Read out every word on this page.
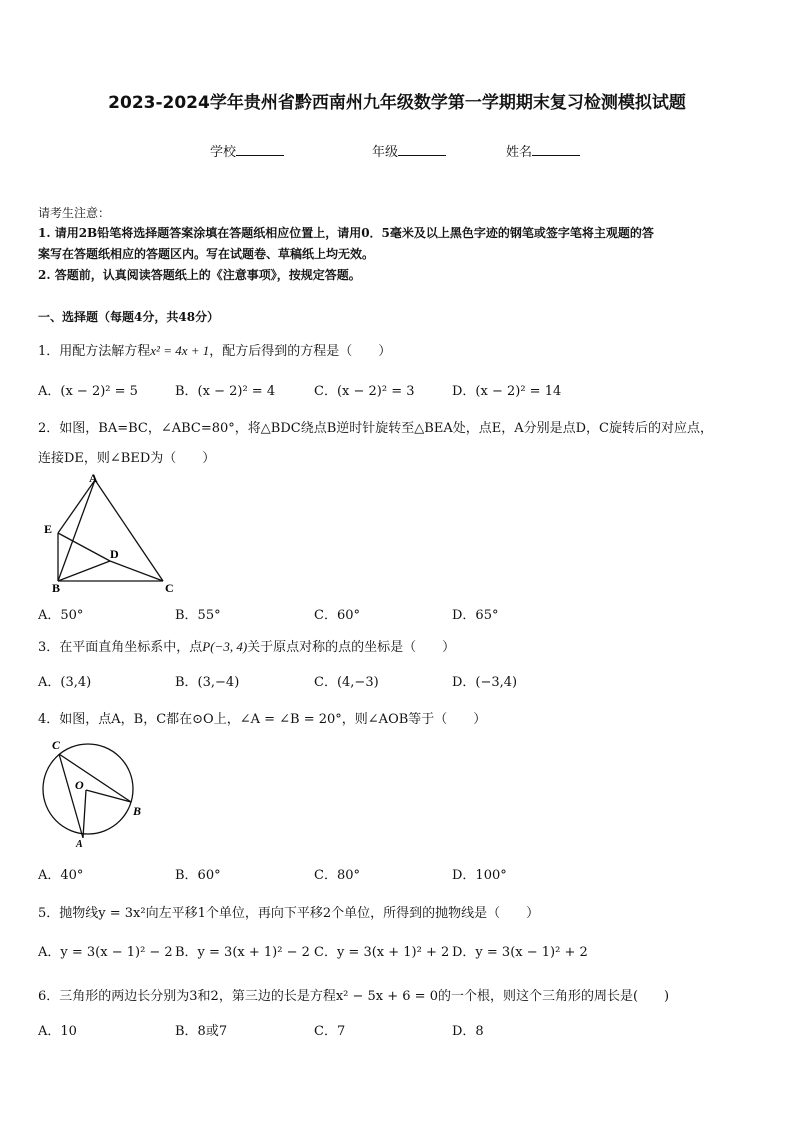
2023-2024学年贵州省黔西南州九年级数学第一学期期末复习检测模拟试题
学校	年级	姓名
请考生注意：
1. 请用2B铅笔将选择题答案涂填在答题纸相应位置上，请用0．5毫米及以上黑色字迹的钢笔或签字笔将主观题的答
案写在答题纸相应的答题区内。写在试题卷、草稿纸上均无效。
2. 答题前，认真阅读答题纸上的《注意事项》，按规定答题。
一、选择题（每题4分，共48分）
1．用配方法解方程x² = 4x + 1，配方后得到的方程是（　　）
A．(x − 2)² = 5	B．(x − 2)² = 4	C．(x − 2)² = 3	D．(x − 2)² = 14
2．如图，BA=BC，∠ABC=80°，将△BDC绕点B逆时针旋转至△BEA处，点E，A分别是点D，C旋转后的对应点，
连接DE，则∠BED为（　　）
A
E
D
B	C
A．50°	B．55°	C．60°	D．65°
3．在平面直角坐标系中，点P(−3, 4)关于原点对称的点的坐标是（　　）
A．(3,4)	B．(3,−4)	C．(4,−3)	D．(−3,4)
4．如图，点A，B，C都在⊙O上，∠A = ∠B = 20°，则∠AOB等于（　　）
C
O
B
A
A．40°	B．60°	C．80°	D．100°
5．抛物线y = 3x²向左平移1个单位，再向下平移2个单位，所得到的抛物线是（　　）
A．y = 3(x − 1)² − 2 B．y = 3(x + 1)² − 2 C．y = 3(x + 1)² + 2 D．y = 3(x − 1)² + 2
6．三角形的两边长分别为3和2，第三边的长是方程x² − 5x + 6 = 0的一个根，则这个三角形的周长是(　　)
A．10	B．8或7	C．7	D．8
